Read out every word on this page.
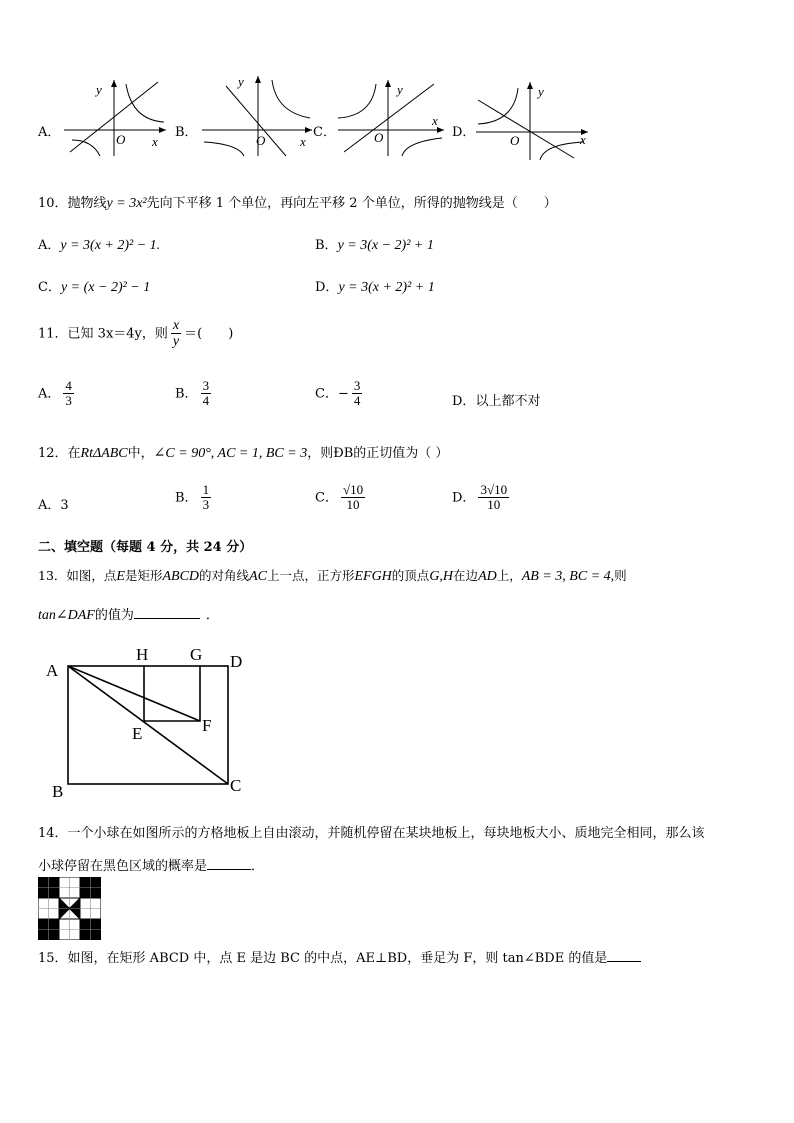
A．
y
x
O	B．
y
x
O
C．
y
x
O	D．
y
x
O
10．抛物线y = 3x²先向下平移 1 个单位，再向左平移 2 个单位，所得的抛物线是（　　）
A．y = 3(x + 2)² − 1.	B．y = 3(x − 2)² + 1
C．y = (x − 2)² − 1	D．y = 3(x + 2)² + 1
11．已知 3x＝4y，则 $\frac{x}{y}$ ＝(　　)
A． $\frac{4}{3}$	B． $\frac{3}{4}$	C．− $\frac{3}{4}$	D．以上都不对
12．在RtΔABC中，∠C = 90°, AC = 1, BC = 3，则ÐB的正切值为（ ）
A．3
B． $\frac{1}{3}$	C． $\frac{√10}{10}$	D． $\frac{3√10}{10}$
二、填空题（每题 4 分，共 24 分）
13．如图，点E是矩形ABCD的对角线AC上一点，正方形EFGH的顶点G,H在边AD上，AB = 3, BC = 4,则
tan∠DAF的值为	．
A
B	C
D
E	F
G
H
14．一个小球在如图所示的方格地板上自由滚动，并随机停留在某块地板上，每块地板大小、质地完全相同，那么该
小球停留在黑色区域的概率是	．
15．如图，在矩形 ABCD 中，点 E 是边 BC 的中点，AE⊥BD，垂足为 F，则 tan∠BDE 的值是
